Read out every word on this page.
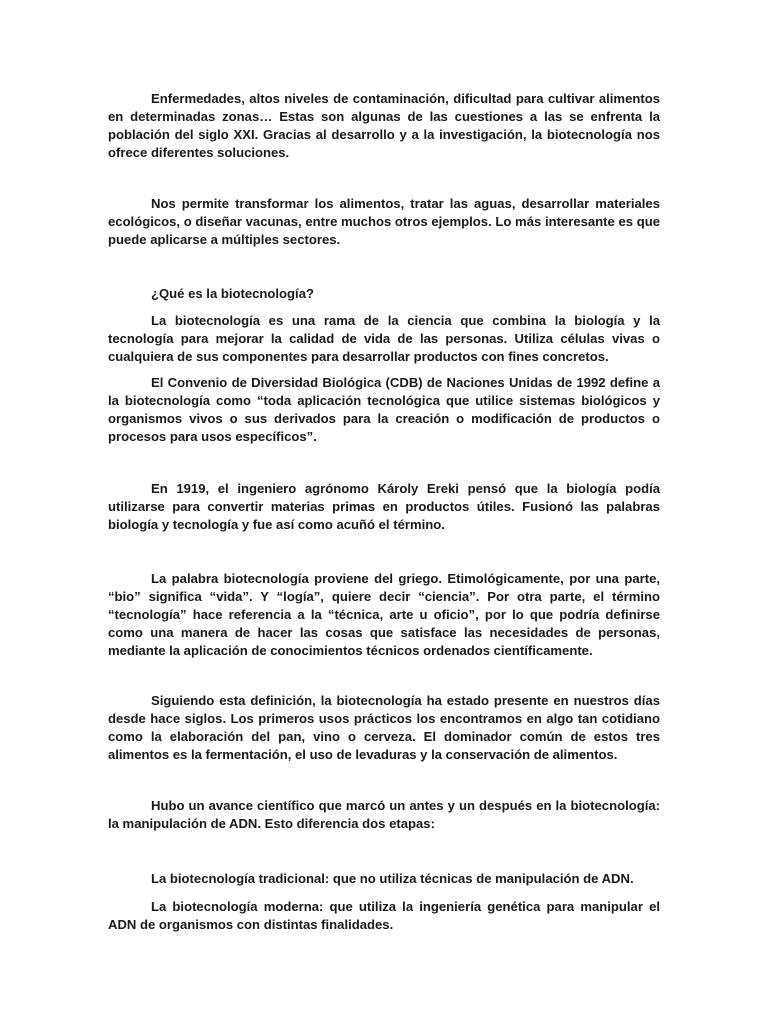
Enfermedades, altos niveles de contaminación, dificultad para cultivar alimentos en determinadas zonas… Estas son algunas de las cuestiones a las se enfrenta la población del siglo XXI. Gracias al desarrollo y a la investigación, la biotecnología nos ofrece diferentes soluciones.

Nos permite transformar los alimentos, tratar las aguas, desarrollar materiales ecológicos, o diseñar vacunas, entre muchos otros ejemplos. Lo más interesante es que puede aplicarse a múltiples sectores.

¿Qué es la biotecnología?

La biotecnología es una rama de la ciencia que combina la biología y la tecnología para mejorar la calidad de vida de las personas. Utiliza células vivas o cualquiera de sus componentes para desarrollar productos con fines concretos.

El Convenio de Diversidad Biológica (CDB) de Naciones Unidas de 1992 define a la biotecnología como “toda aplicación tecnológica que utilice sistemas biológicos y organismos vivos o sus derivados para la creación o modificación de productos o procesos para usos específicos”.

En 1919, el ingeniero agrónomo Károly Ereki pensó que la biología podía utilizarse para convertir materias primas en productos útiles. Fusionó las palabras biología y tecnología y fue así como acuñó el término.

La palabra biotecnología proviene del griego. Etimológicamente, por una parte, “bio” significa “vida”. Y “logía”, quiere decir “ciencia”. Por otra parte, el término “tecnología” hace referencia a la “técnica, arte u oficio”, por lo que podría definirse como una manera de hacer las cosas que satisface las necesidades de personas, mediante la aplicación de conocimientos técnicos ordenados científicamente.

Siguiendo esta definición, la biotecnología ha estado presente en nuestros días desde hace siglos. Los primeros usos prácticos los encontramos en algo tan cotidiano como la elaboración del pan, vino o cerveza. El dominador común de estos tres alimentos es la fermentación, el uso de levaduras y la conservación de alimentos.

Hubo un avance científico que marcó un antes y un después en la biotecnología: la manipulación de ADN. Esto diferencia dos etapas:

La biotecnología tradicional: que no utiliza técnicas de manipulación de ADN.

La biotecnología moderna: que utiliza la ingeniería genética para manipular el ADN de organismos con distintas finalidades.
